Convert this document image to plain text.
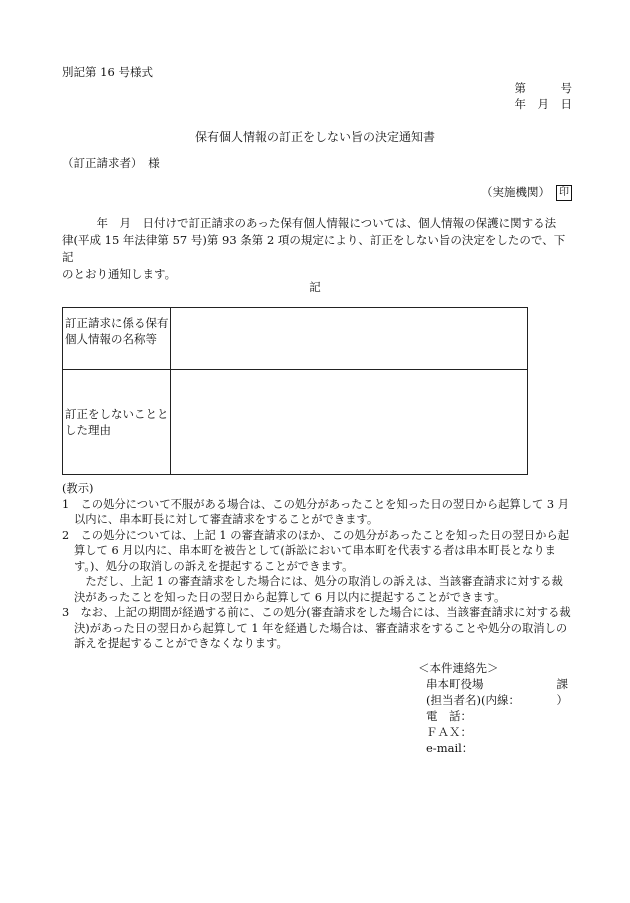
別記第 16 号様式
第　　　号
年　月　日
保有個人情報の訂正をしない旨の決定通知書
（訂正請求者）　様
（実施機関） 印

　　　年　月　日付けで訂正請求のあった保有個人情報については、個人情報の保護に関する法

律(平成 15 年法律第 57 号)第 93 条第 2 項の規定により、訂正をしない旨の決定をしたので、下記

のとおり通知します。

記
訂正請求に係る保有個人情報の名称等	
訂正をしないこととした理由	

(教示)

1　この処分について不服がある場合は、この処分があったことを知った日の翌日から起算して 3 月以内に、串本町長に対して審査請求をすることができます。

2　この処分については、上記 1 の審査請求のほか、この処分があったことを知った日の翌日から起算して 6 月以内に、串本町を被告として(訴訟において串本町を代表する者は串本町長となります。)、処分の取消しの訴えを提起することができます。

　ただし、上記 1 の審査請求をした場合には、処分の取消しの訴えは、当該審査請求に対する裁決があったことを知った日の翌日から起算して 6 月以内に提起することができます。

3　なお、上記の期間が経過する前に、この処分(審査請求をした場合には、当該審査請求に対する裁決)があった日の翌日から起算して 1 年を経過した場合は、審査請求をすることや処分の取消しの訴えを提起することができなくなります。

＜本件連絡先＞
串本町役場	課
(担当者名)(内線：	）
電　話：
ＦＡＸ：
e-mail：
